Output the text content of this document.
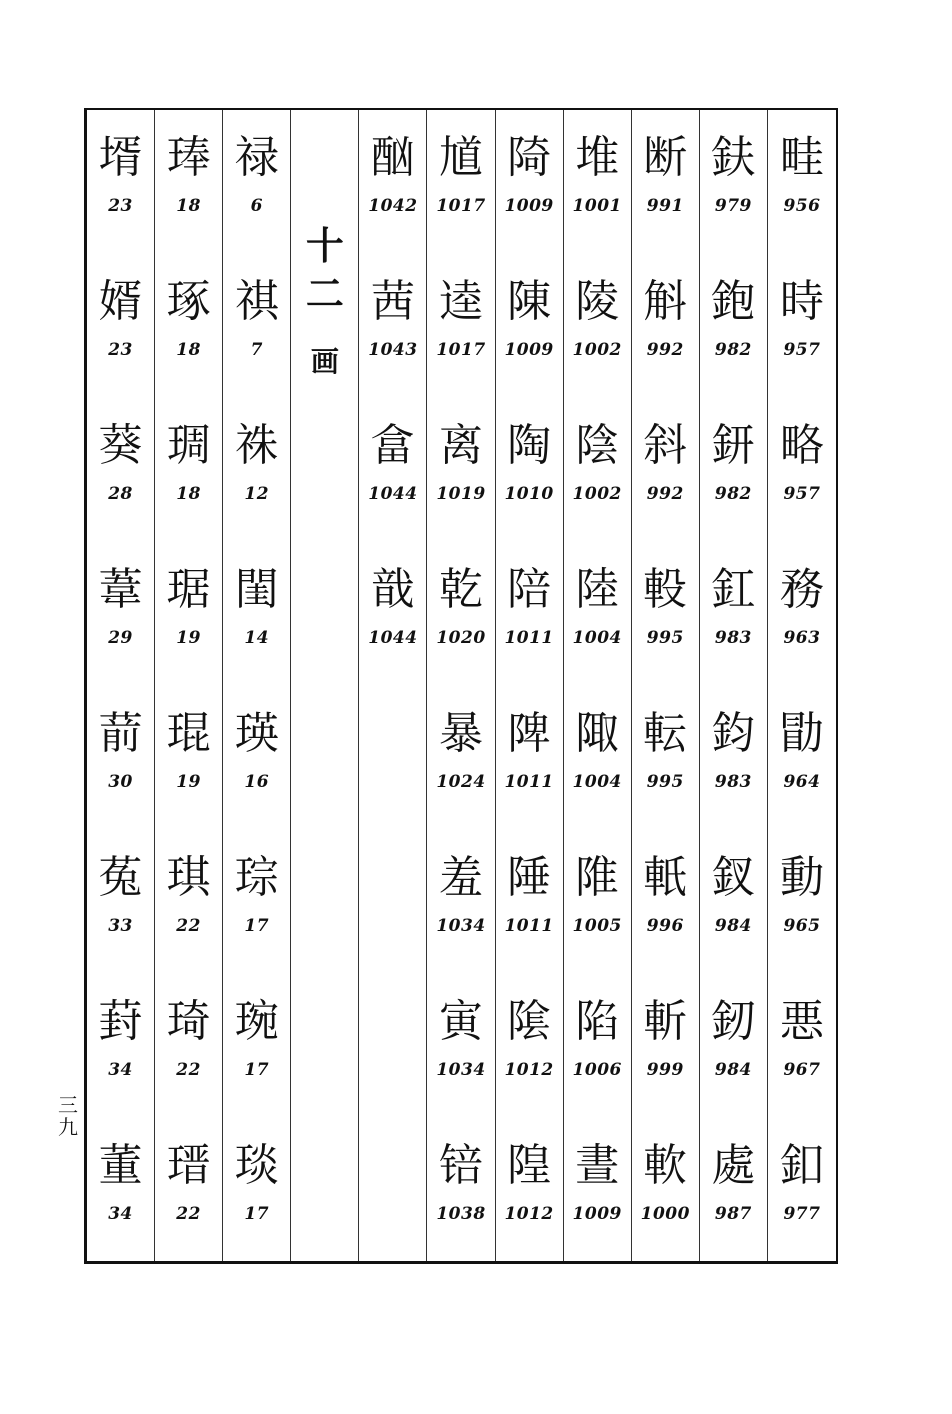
三
九
壻
23
婿
23
葵
28
葦
29
葥
30
菟
33
葑
34
董
34
琫
18
琢
18
琱
18
琚
19
琨
19
琪
22
琦
22
瑨
22
禄
6
祺
7
祩
12
閨
14
瑛
16
琮
17
琬
17
琰
17
十
二
画
酗
1042
茜
1043
畣
1044
戠
1044
馗
1017
逵
1017
离
1019
乾
1020
暴
1024
羞
1034
寅
1034
锫
1038
陭
1009
陳
1009
陶
1010
陪
1011
陴
1011
陲
1011
隂
1012
隍
1012
堆
1001
陵
1002
陰
1002
陸
1004
陬
1004
陮
1005
陷
1006
晝
1009
断
991
斛
992
斜
992
軗
995
転
995
軝
996
斬
999
軟
1000
鈇
979
鉋
982
鈃
982
釭
983
鈞
983
釵
984
釰
984
處
987
畦
956
時
957
略
957
務
963
勖
964
動
965
悪
967
釦
977
